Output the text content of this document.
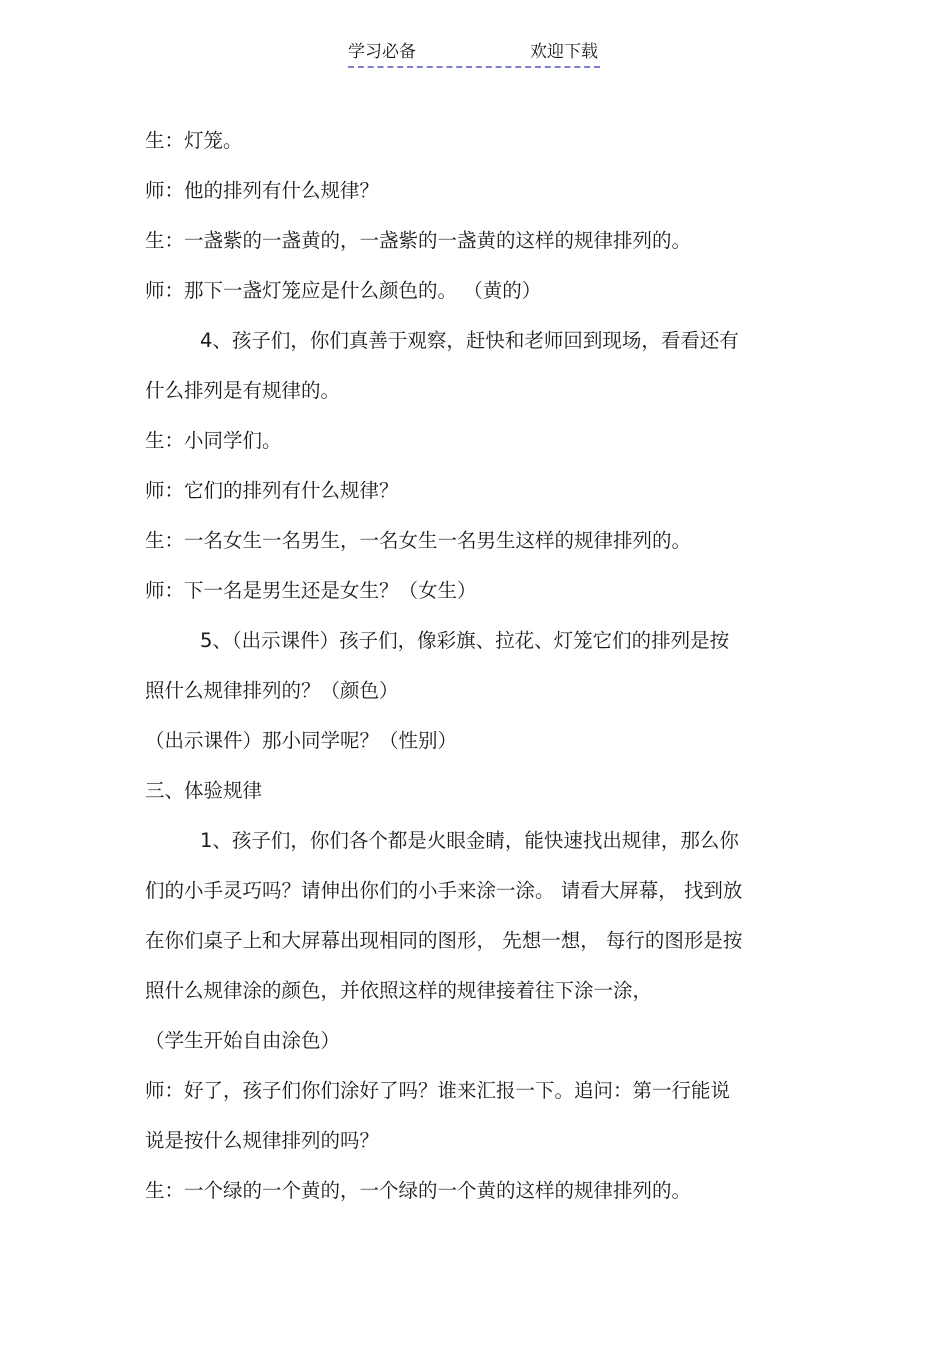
学习必备	欢迎下载
生：灯笼。
师：他的排列有什么规律？
生：一盏紫的一盏黄的，一盏紫的一盏黄的这样的规律排列的。
师：那下一盏灯笼应是什么颜色的。 （黄的）
4、孩子们，你们真善于观察，赶快和老师回到现场，看看还有
什么排列是有规律的。
生：小同学们。
师：它们的排列有什么规律？
生：一名女生一名男生，一名女生一名男生这样的规律排列的。
师：下一名是男生还是女生？（女生）
5、（出示课件）孩子们，像彩旗、拉花、灯笼它们的排列是按
照什么规律排列的？（颜色）
（出示课件）那小同学呢？（性别）
三、体验规律
1、孩子们，你们各个都是火眼金睛，能快速找出规律，那么你
们的小手灵巧吗？请伸出你们的小手来涂一涂。 请看大屏幕， 找到放
在你们桌子上和大屏幕出现相同的图形， 先想一想， 每行的图形是按
照什么规律涂的颜色，并依照这样的规律接着往下涂一涂，
（学生开始自由涂色）
师：好了，孩子们你们涂好了吗？谁来汇报一下。追问：第一行能说
说是按什么规律排列的吗？
生：一个绿的一个黄的，一个绿的一个黄的这样的规律排列的。
